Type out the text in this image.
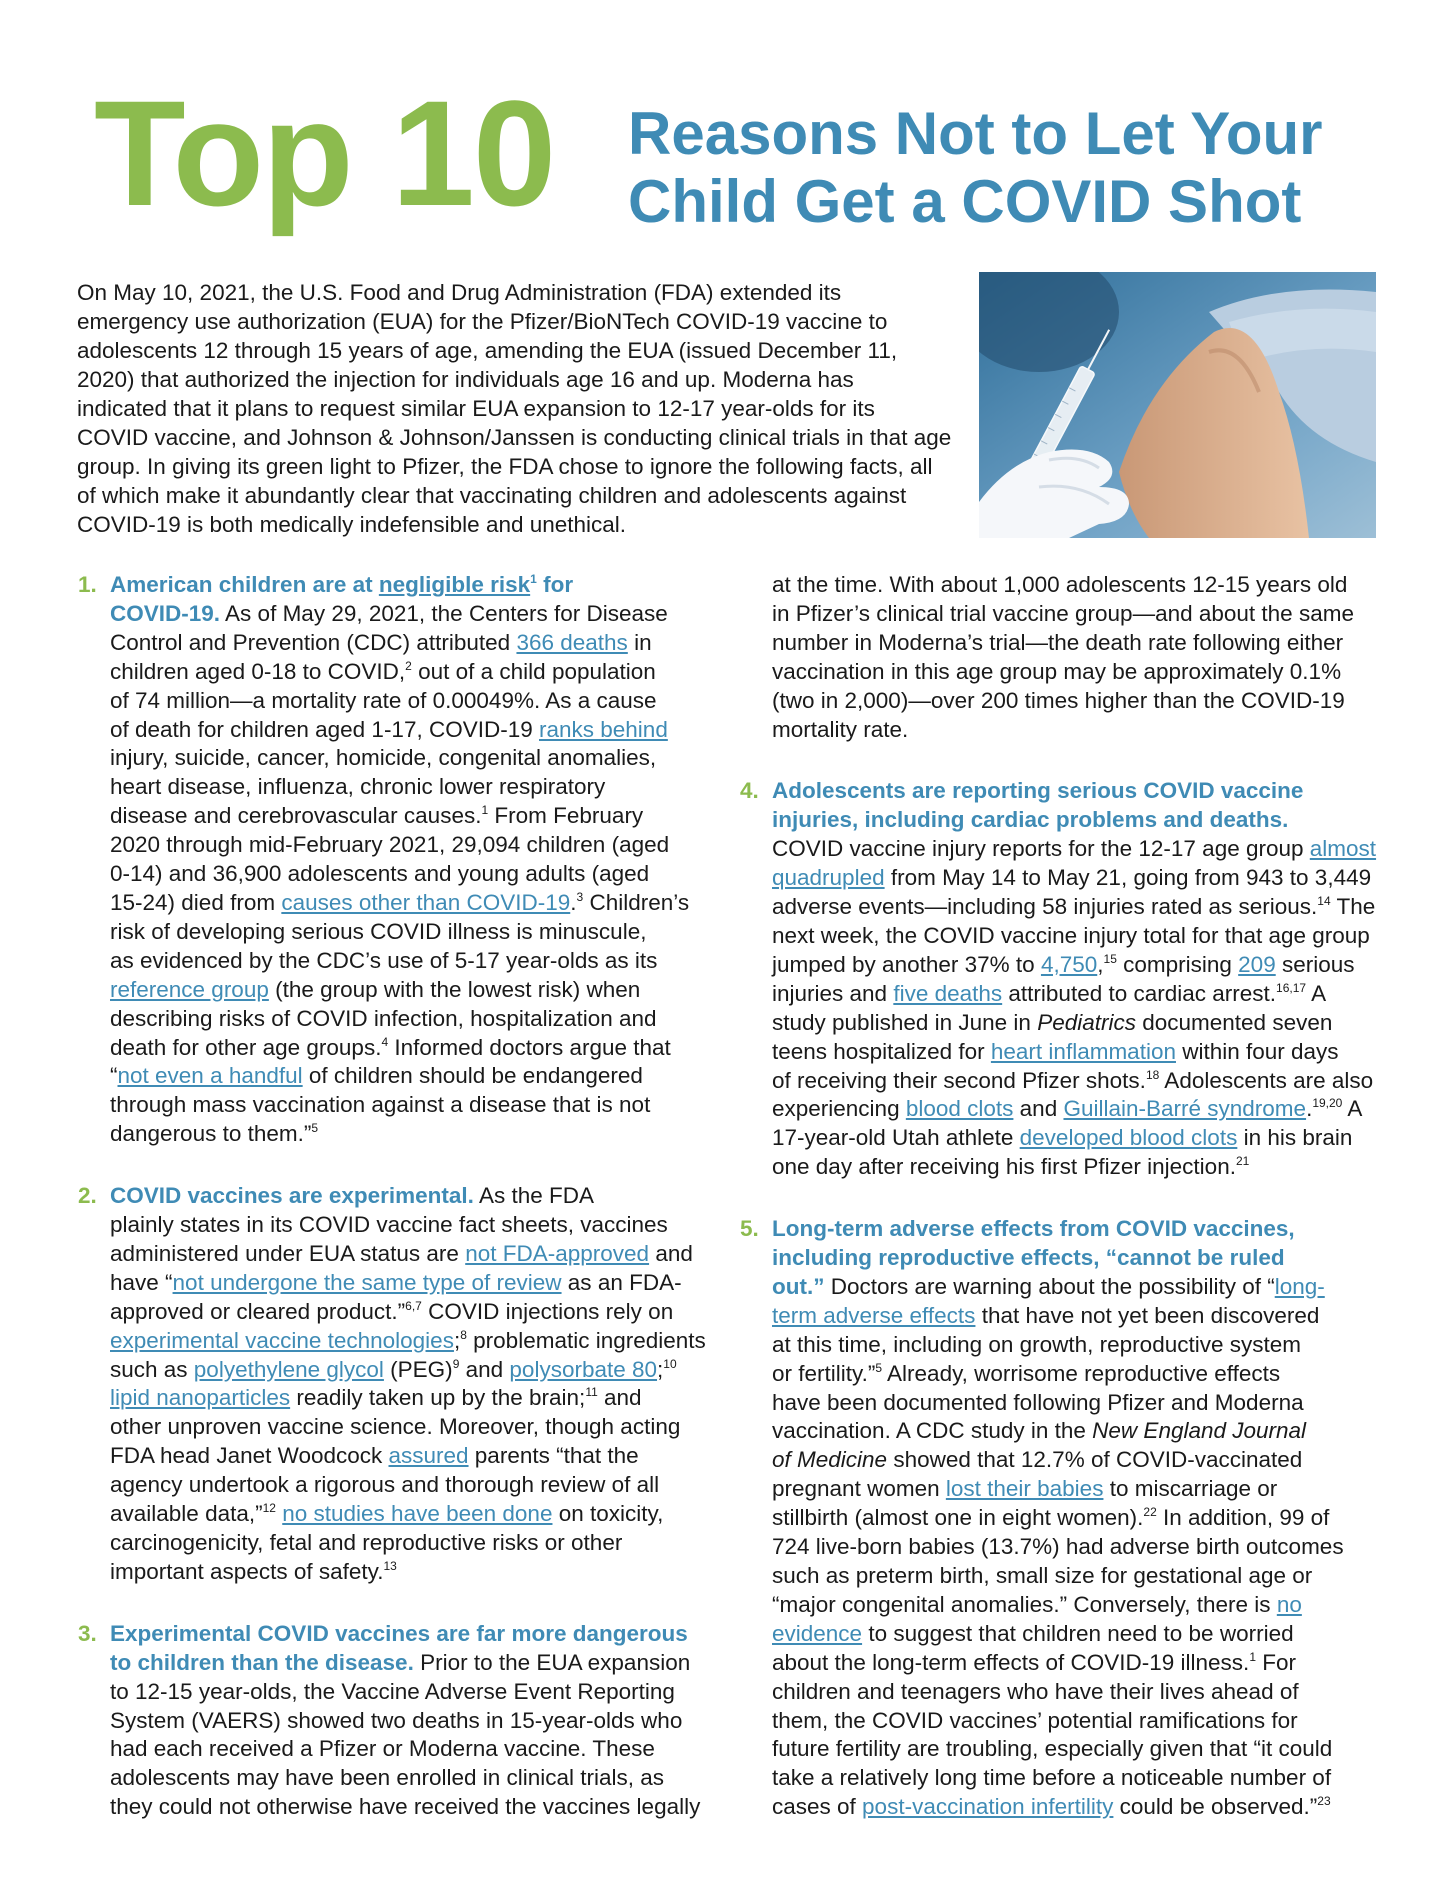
Top 10 Reasons Not to Let Your
Child Get a COVID Shot
On May 10, 2021, the U.S. Food and Drug Administration (FDA) extended its
emergency use authorization (EUA) for the Pfizer/BioNTech COVID-19 vaccine to
adolescents 12 through 15 years of age, amending the EUA (issued December 11,
2020) that authorized the injection for individuals age 16 and up. Moderna has
indicated that it plans to request similar EUA expansion to 12-17 year-olds for its
COVID vaccine, and Johnson & Johnson/Janssen is conducting clinical trials in that age
group. In giving its green light to Pfizer, the FDA chose to ignore the following facts, all
of which make it abundantly clear that vaccinating children and adolescents against
COVID-19 is both medically indefensible and unethical.
1. American children are at negligible risk$^1$ for
COVID-19. As of May 29, 2021, the Centers for Disease
Control and Prevention (CDC) attributed 366 deaths in
children aged 0-18 to COVID,$^2$ out of a child population
of 74 million—a mortality rate of 0.00049%. As a cause
of death for children aged 1-17, COVID-19 ranks behind
injury, suicide, cancer, homicide, congenital anomalies,
heart disease, influenza, chronic lower respiratory
disease and cerebrovascular causes.$^1$ From February
2020 through mid-February 2021, 29,094 children (aged
0-14) and 36,900 adolescents and young adults (aged
15-24) died from causes other than COVID-19.$^3$ Children’s
risk of developing serious COVID illness is minuscule,
as evidenced by the CDC’s use of 5-17 year-olds as its
reference group (the group with the lowest risk) when
describing risks of COVID infection, hospitalization and
death for other age groups.$^4$ Informed doctors argue that
“not even a handful of children should be endangered
through mass vaccination against a disease that is not
dangerous to them.”$^5$
2. COVID vaccines are experimental. As the FDA
plainly states in its COVID vaccine fact sheets, vaccines
administered under EUA status are not FDA-approved and
have “not undergone the same type of review as an FDA-
approved or cleared product.”$^{6,7}$ COVID injections rely on
experimental vaccine technologies;$^8$ problematic ingredients
such as polyethylene glycol (PEG)$^9$ and polysorbate 80;$^{10}$
lipid nanoparticles readily taken up by the brain;$^{11}$ and
other unproven vaccine science. Moreover, though acting
FDA head Janet Woodcock assured parents “that the
agency undertook a rigorous and thorough review of all
available data,”$^{12}$ no studies have been done on toxicity,
carcinogenicity, fetal and reproductive risks or other
important aspects of safety.$^{13}$
3. Experimental COVID vaccines are far more dangerous
to children than the disease. Prior to the EUA expansion
to 12-15 year-olds, the Vaccine Adverse Event Reporting
System (VAERS) showed two deaths in 15-year-olds who
had each received a Pfizer or Moderna vaccine. These
adolescents may have been enrolled in clinical trials, as
they could not otherwise have received the vaccines legally
at the time. With about 1,000 adolescents 12-15 years old
in Pfizer’s clinical trial vaccine group—and about the same
number in Moderna’s trial—the death rate following either
vaccination in this age group may be approximately 0.1%
(two in 2,000)—over 200 times higher than the COVID-19
mortality rate.
4. Adolescents are reporting serious COVID vaccine
injuries, including cardiac problems and deaths.
COVID vaccine injury reports for the 12-17 age group almost
quadrupled from May 14 to May 21, going from 943 to 3,449
adverse events—including 58 injuries rated as serious.$^{14}$ The
next week, the COVID vaccine injury total for that age group
jumped by another 37% to 4,750,15 comprising 209 serious
injuries and five deaths attributed to cardiac arrest.$^{16,17}$ A
study published in June in Pediatrics documented seven
teens hospitalized for heart inflammation within four days
of receiving their second Pfizer shots.$^{18}$ Adolescents are also
experiencing blood clots and Guillain-Barré syndrome.$^{19,20}$ A
17-year-old Utah athlete developed blood clots in his brain
one day after receiving his first Pfizer injection.$^{21}$
5. Long-term adverse effects from COVID vaccines,
including reproductive effects, “cannot be ruled
out.” Doctors are warning about the possibility of “long-
term adverse effects that have not yet been discovered
at this time, including on growth, reproductive system
or fertility.”$^5$ Already, worrisome reproductive effects
have been documented following Pfizer and Moderna
vaccination. A CDC study in the New England Journal
of Medicine showed that 12.7% of COVID-vaccinated
pregnant women lost their babies to miscarriage or
stillbirth (almost one in eight women).$^{22}$ In addition, 99 of
724 live-born babies (13.7%) had adverse birth outcomes
such as preterm birth, small size for gestational age or
“major congenital anomalies.” Conversely, there is no
evidence to suggest that children need to be worried
about the long-term effects of COVID-19 illness.$^1$ For
children and teenagers who have their lives ahead of
them, the COVID vaccines’ potential ramifications for
future fertility are troubling, especially given that “it could
take a relatively long time before a noticeable number of
cases of post-vaccination infertility could be observed.”$^{23}$
